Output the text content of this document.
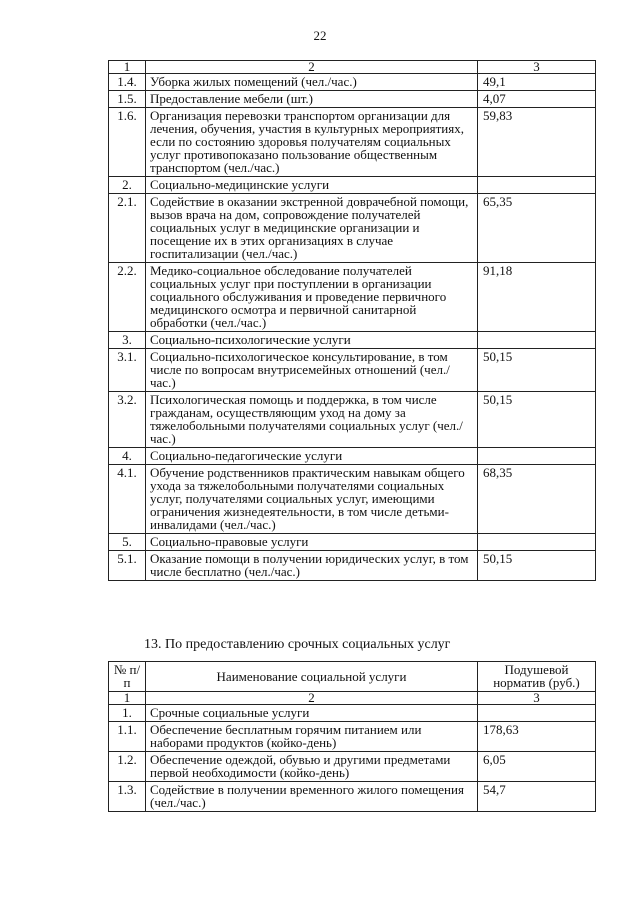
22
1	2	3
1.4.	Уборка жилых помещений (чел./час.)	49,1
1.5.	Предоставление мебели (шт.)	4,07
1.6.	Организация перевозки транспортом организации для лечения, обучения, участия в культурных мероприятиях, если по состоянию здоровья получателям социальных услуг противопоказано пользование общественным транспортом (чел./час.)	59,83
2.	Социально-медицинские услуги	
2.1.	Содействие в оказании экстренной доврачебной помощи, вызов врача на дом, сопровождение получателей социальных услуг в медицинские организации и посещение их в этих организациях в случае госпитализации (чел./час.)	65,35
2.2.	Медико-социальное обследование получателей социальных услуг при поступлении в организации социального обслуживания и проведение первичного медицинского осмотра и первичной санитарной обработки (чел./час.)	91,18
3.	Социально-психологические услуги	
3.1.	Социально-психологическое консультирование, в том числе по вопросам внутрисемейных отношений (чел./час.)	50,15
3.2.	Психологическая помощь и поддержка, в том числе гражданам, осуществляющим уход на дому за тяжелобольными получателями социальных услуг (чел./час.)	50,15
4.	Социально-педагогические услуги	
4.1.	Обучение родственников практическим навыкам общего ухода за тяжелобольными получателями социальных услуг, получателями социальных услуг, имеющими ограничения жизнедеятельности, в том числе детьми-инвалидами (чел./час.)	68,35
5.	Социально-правовые услуги	
5.1.	Оказание помощи в получении юридических услуг, в том числе бесплатно (чел./час.)	50,15
13. По предоставлению срочных социальных услуг
№ п/п	Наименование социальной услуги	Подушевой норматив (руб.)
1	2	3
1.	Срочные социальные услуги	
1.1.	Обеспечение бесплатным горячим питанием или наборами продуктов (койко-день)	178,63
1.2.	Обеспечение одеждой, обувью и другими предметами первой необходимости (койко-день)	6,05
1.3.	Содействие в получении временного жилого помещения (чел./час.)	54,7
